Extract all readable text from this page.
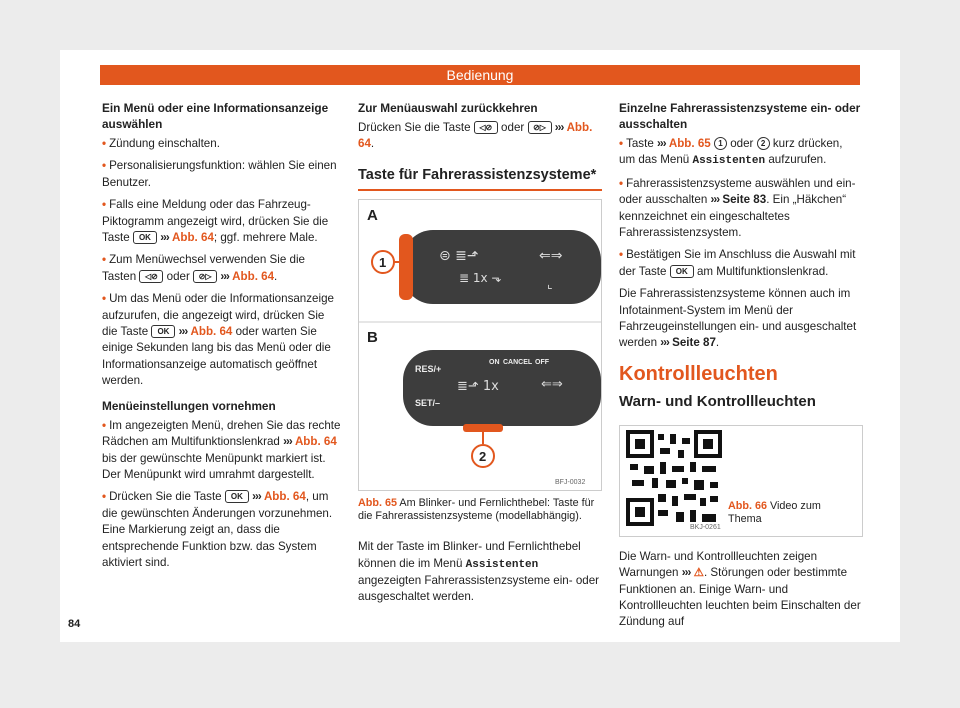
Bedienung
Ein Menü oder eine Informationsanzeige auswählen
• Zündung einschalten.
• Personalisierungsfunktion: wählen Sie einen Benutzer.
• Falls eine Meldung oder das Fahrzeug-Piktogramm angezeigt wird, drücken Sie die Taste OK ››› Abb. 64; ggf. mehrere Male.
• Zum Menüwechsel verwenden Sie die Tasten ◁⊘ oder ⊘▷ ››› Abb. 64.
• Um das Menü oder die Informationsanzeige aufzurufen, die angezeigt wird, drücken Sie die Taste OK ››› Abb. 64 oder warten Sie einige Sekunden lang bis das Menü oder die Informationsanzeige automatisch geöffnet werden.
Menüeinstellungen vornehmen
• Im angezeigten Menü, drehen Sie das rechte Rädchen am Multifunktionslenkrad ››› Abb. 64 bis der gewünschte Menüpunkt markiert ist. Der Menüpunkt wird umrahmt dargestellt.
• Drücken Sie die Taste OK ››› Abb. 64, um die gewünschten Änderungen vorzunehmen. Eine Markierung zeigt an, dass die entsprechende Funktion bzw. das System aktiviert sind.
Zur Menüauswahl zurückkehren

Drücken Sie die Taste ◁⊘ oder ⊘▷ ››› Abb. 64.

Taste für Fahrerassistenzsysteme*
A
1	⊜ ≣⬏	⇐⇒
≣ 1x ⬎	⌞
B
RES/+
SET/–
ON CANCEL OFF
≣⬏ 1x	⇐⇒
2
BFJ-0032
Abb. 65 Am Blinker- und Fernlichthebel: Taste für die Fahrerassistenzsysteme (modellabhängig).

Mit der Taste im Blinker- und Fernlichthebel können die im Menü Assistenten angezeigten Fahrerassistenzsysteme ein- oder ausgeschaltet werden.

Einzelne Fahrerassistenzsysteme ein- oder ausschalten
• Taste ››› Abb. 65 1 oder 2 kurz drücken, um das Menü Assistenten aufzurufen.
• Fahrerassistenzsysteme auswählen und ein- oder ausschalten ››› Seite 83. Ein „Häkchen“ kennzeichnet ein eingeschaltetes Fahrerassistenzsystem.
• Bestätigen Sie im Anschluss die Auswahl mit der Taste OK am Multifunktionslenkrad.

Die Fahrerassistenzsysteme können auch im Infotainment-System im Menü der Fahrzeugeinstellungen ein- und ausgeschaltet werden ››› Seite 87.

Kontrollleuchten
Warn- und Kontrollleuchten
BKJ-0261
Abb. 66 Video zum Thema

Die Warn- und Kontrollleuchten zeigen Warnungen ››› ⚠. Störungen oder bestimmte Funktionen an. Einige Warn- und Kontrollleuchten leuchten beim Einschalten der Zündung auf

84
